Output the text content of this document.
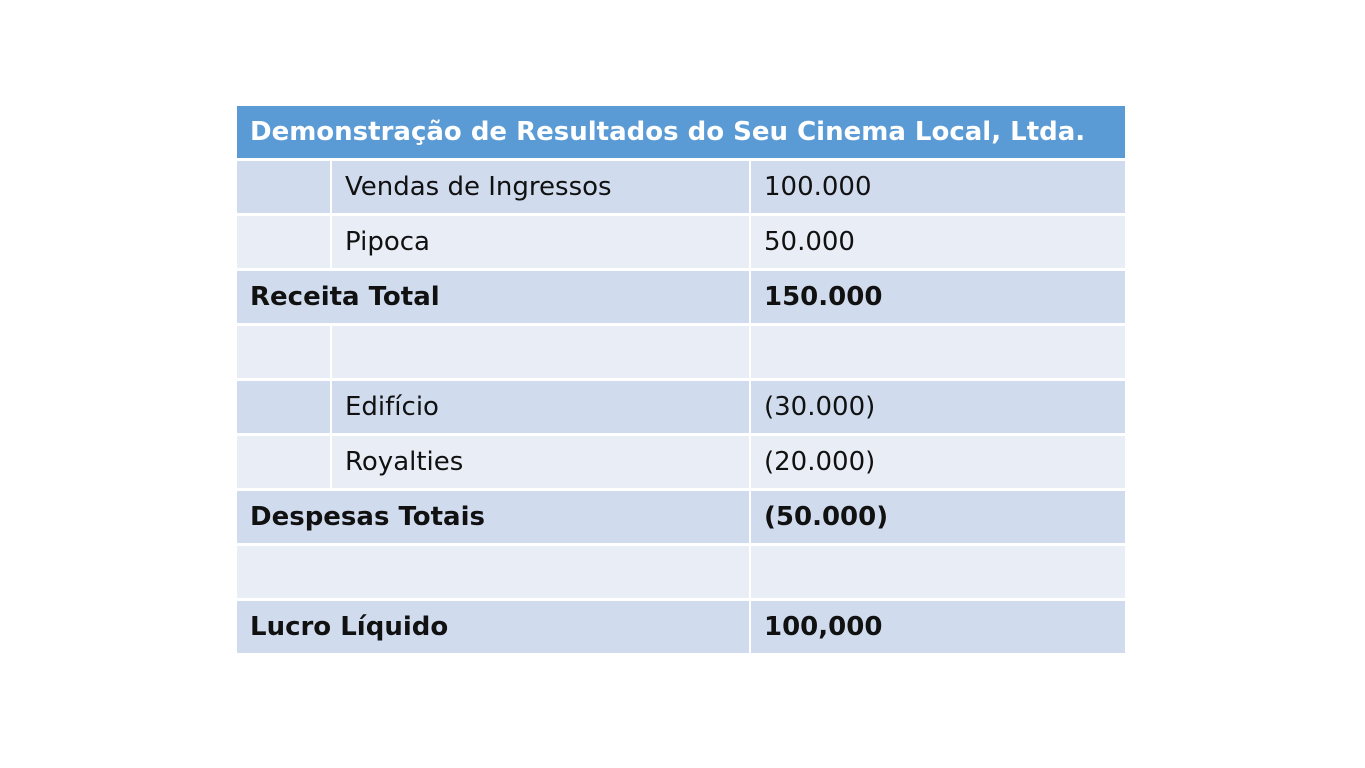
Demonstração de Resultados do Seu Cinema Local, Ltda.
Vendas de Ingressos	100.000
Pipoca	50.000
Receita Total	150.000
Edifício	(30.000)
Royalties	(20.000)
Despesas Totais	(50.000)
Lucro Líquido	100,000
